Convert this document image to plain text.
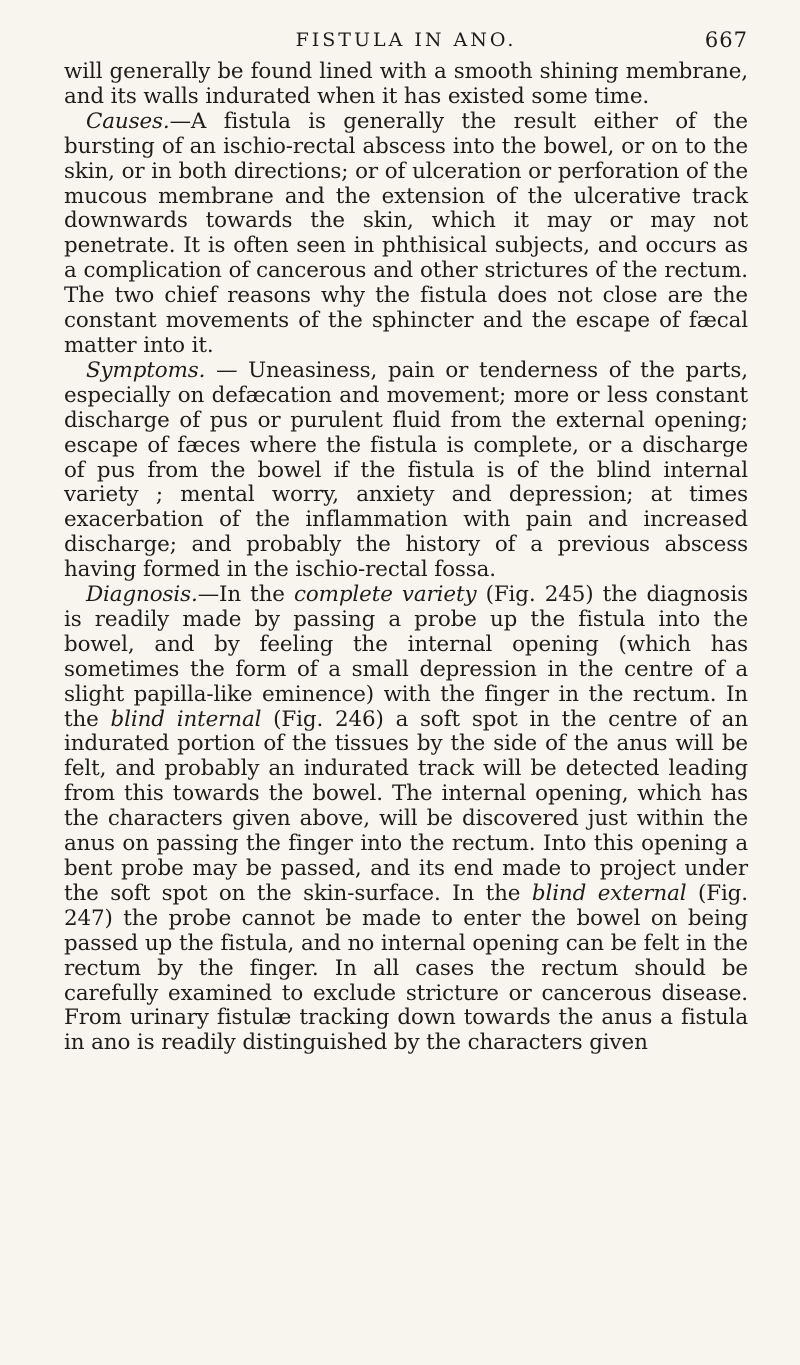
FISTULA IN ANO.	667

will generally be found lined with a smooth shining membrane, and its walls indurated when it has existed some time.

Causes.—A fistula is generally the result either of the bursting of an ischio-rectal abscess into the bowel, or on to the skin, or in both directions; or of ulceration or perforation of the mucous membrane and the extension of the ulcerative track downwards towards the skin, which it may or may not penetrate. It is often seen in phthisical subjects, and occurs as a complication of cancerous and other strictures of the rectum. The two chief reasons why the fistula does not close are the constant movements of the sphincter and the escape of fæcal matter into it.

Symptoms. — Uneasiness, pain or tenderness of the parts, especially on defæcation and movement; more or less constant discharge of pus or purulent fluid from the external opening; escape of fæces where the fistula is complete, or a discharge of pus from the bowel if the fistula is of the blind internal variety ; mental worry, anxiety and depression; at times exacerbation of the inflammation with pain and increased discharge; and probably the history of a previous abscess having formed in the ischio-rectal fossa.

Diagnosis.—In the complete variety (Fig. 245) the diagnosis is readily made by passing a probe up the fistula into the bowel, and by feeling the internal opening (which has sometimes the form of a small depression in the centre of a slight papilla-like eminence) with the finger in the rectum. In the blind internal (Fig. 246) a soft spot in the centre of an indurated portion of the tissues by the side of the anus will be felt, and probably an indurated track will be detected leading from this towards the bowel. The internal opening, which has the characters given above, will be discovered just within the anus on passing the finger into the rectum. Into this opening a bent probe may be passed, and its end made to project under the soft spot on the skin-surface. In the blind external (Fig. 247) the probe cannot be made to enter the bowel on being passed up the fistula, and no internal opening can be felt in the rectum by the finger. In all cases the rectum should be carefully examined to exclude stricture or cancerous disease. From urinary fistulæ tracking down towards the anus a fistula in ano is readily distinguished by the characters given
